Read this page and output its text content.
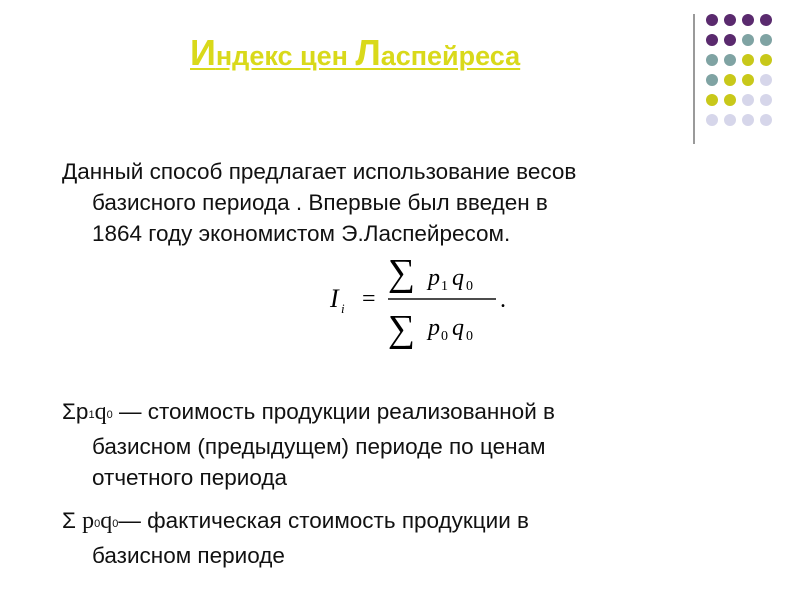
Индекс цен Ласпейреса
Данный способ предлагает использование весов
базисного периода . Впервые был введен в
1864 году экономистом Э.Ласпейресом.
I i =
∑ p 1 q 0
∑ p 0 q 0
.
Σp1q0 — стоимость продукции реализованной в
базисном (предыдущем) периоде по ценам
отчетного периода
Σ p0q0— фактическая стоимость продукции в
базисном периоде
